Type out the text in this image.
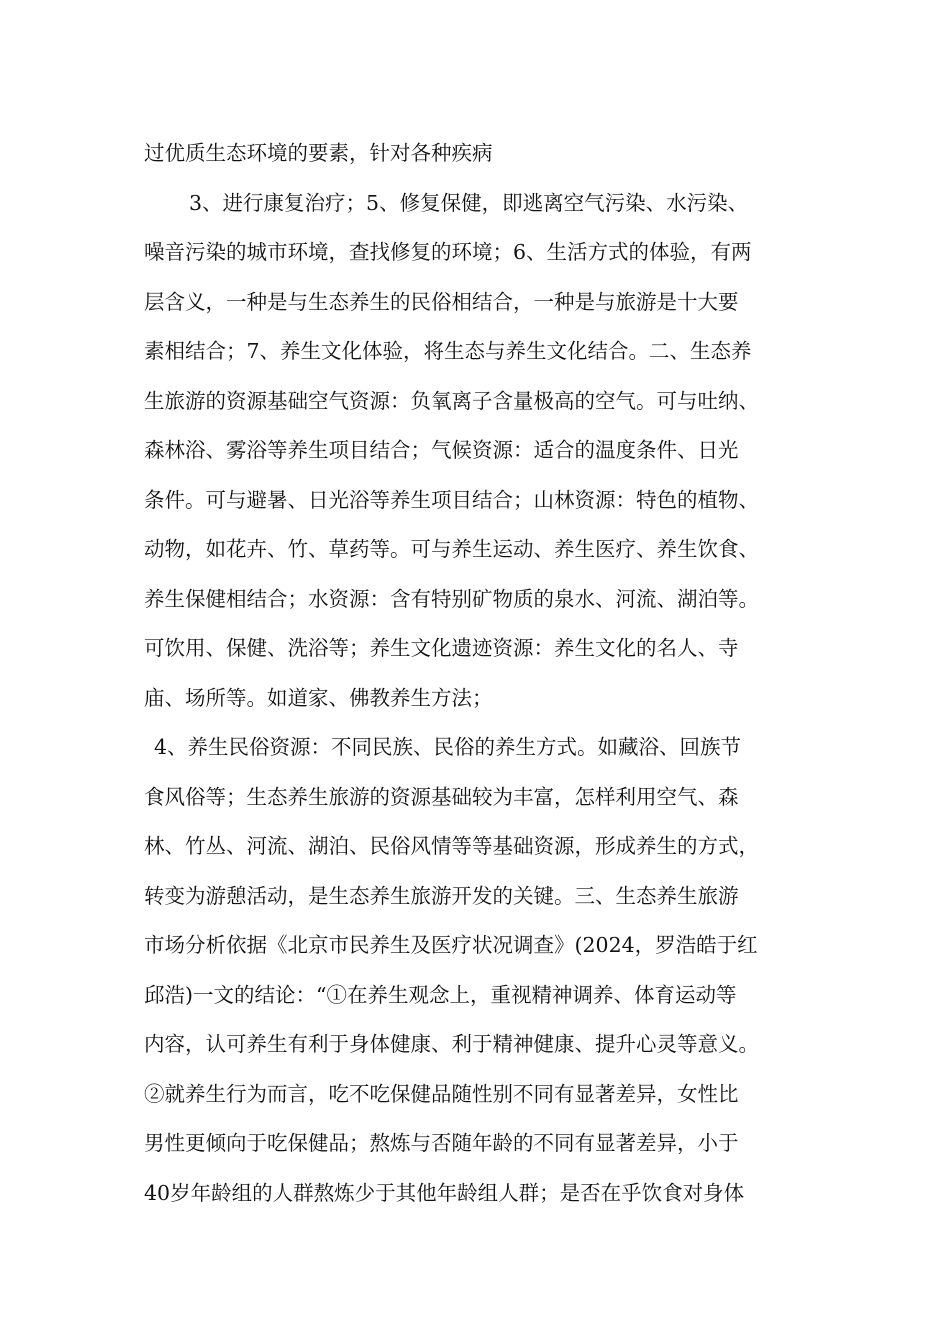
过优质生态环境的要素，针对各种疾病
3、进行康复治疗；5、修复保健，即逃离空气污染、水污染、
噪音污染的城市环境，查找修复的环境；6、生活方式的体验，有两
层含义，一种是与生态养生的民俗相结合，一种是与旅游是十大要
素相结合；7、养生文化体验，将生态与养生文化结合。二、生态养
生旅游的资源基础空气资源：负氧离子含量极高的空气。可与吐纳、
森林浴、雾浴等养生项目结合；气候资源：适合的温度条件、日光
条件。可与避暑、日光浴等养生项目结合；山林资源：特色的植物、
动物，如花卉、竹、草药等。可与养生运动、养生医疗、养生饮食、
养生保健相结合；水资源：含有特别矿物质的泉水、河流、湖泊等。
可饮用、保健、洗浴等；养生文化遗迹资源：养生文化的名人、寺
庙、场所等。如道家、佛教养生方法；
4、养生民俗资源：不同民族、民俗的养生方式。如藏浴、回族节
食风俗等；生态养生旅游的资源基础较为丰富，怎样利用空气、森
林、竹丛、河流、湖泊、民俗风情等等基础资源，形成养生的方式，
转变为游憩活动，是生态养生旅游开发的关键。三、生态养生旅游
市场分析依据《北京市民养生及医疗状况调查》(2024，罗浩皓于红
邱浩)一文的结论：“①在养生观念上，重视精神调养、体育运动等
内容，认可养生有利于身体健康、利于精神健康、提升心灵等意义。
②就养生行为而言，吃不吃保健品随性别不同有显著差异，女性比
男性更倾向于吃保健品；熬炼与否随年龄的不同有显著差异，小于
40岁年龄组的人群熬炼少于其他年龄组人群；是否在乎饮食对身体
